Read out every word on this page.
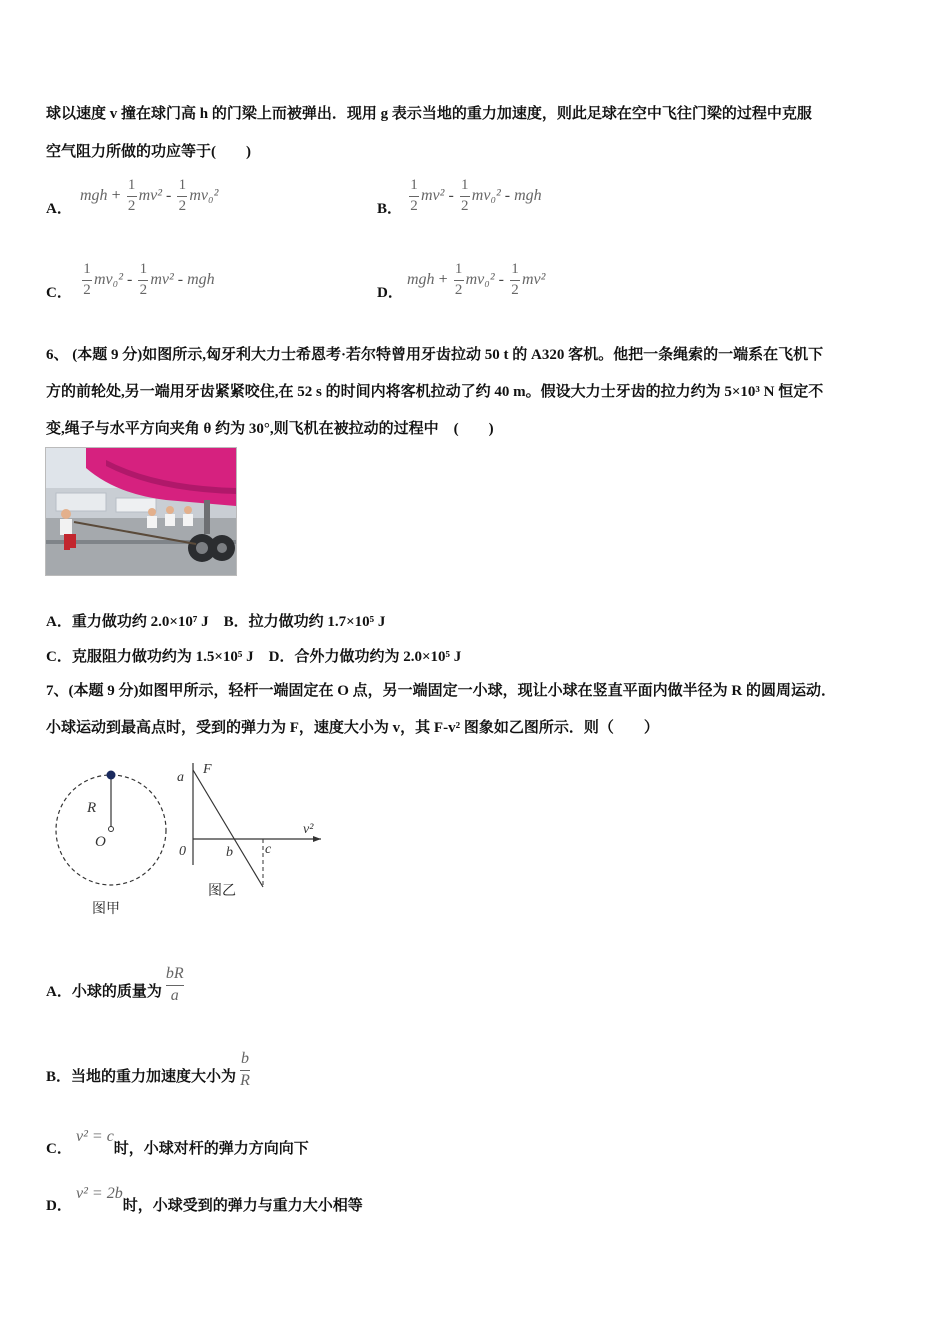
球以速度 v 撞在球门高 h 的门梁上而被弹出．现用 g 表示当地的重力加速度，则此足球在空中飞往门梁的过程中克服
空气阻力所做的功应等于(　　)
A．
mgh + $\frac{1}{2} mv^2 - \frac{1}{2} mv_0^2$
B． $\frac{1}{2} mv^2 - \frac{1}{2} mv_0^2$ - mgh
C． $\frac{1}{2} mv_0^2 - \frac{1}{2} mv^2$ - mgh
D．
mgh + $\frac{1}{2} mv_0^2 - \frac{1}{2} mv^2$
6、 (本题 9 分)如图所示,匈牙利大力士希恩考·若尔特曾用牙齿拉动 50 t 的 A320 客机。他把一条绳索的一端系在飞机下
方的前轮处,另一端用牙齿紧紧咬住,在 52 s 的时间内将客机拉动了约 40 m。假设大力士牙齿的拉力约为 5×10³ N 恒定不
变,绳子与水平方向夹角 θ 约为 30°,则飞机在被拉动的过程中　(　　)
A．重力做功约 2.0×10⁷ J　B．拉力做功约 1.7×10⁵ J
C．克服阻力做功约为 1.5×10⁵ J　D．合外力做功约为 2.0×10⁵ J
7、(本题 9 分)如图甲所示，轻杆一端固定在 O 点，另一端固定一小球，现让小球在竖直平面内做半径为 R 的圆周运动．
小球运动到最高点时，受到的弹力为 F，速度大小为 v，其 F-v² 图象如乙图所示．则（　　）
R
O
图甲
a
F
v²
0	b c
图乙
A．小球的质量为 $\frac{bR}{a}$
B．当地的重力加速度大小为 $\frac{b}{R}$
C．
v² = c
时，小球对杆的弹力方向向下
D．
v² = 2b
时，小球受到的弹力与重力大小相等
